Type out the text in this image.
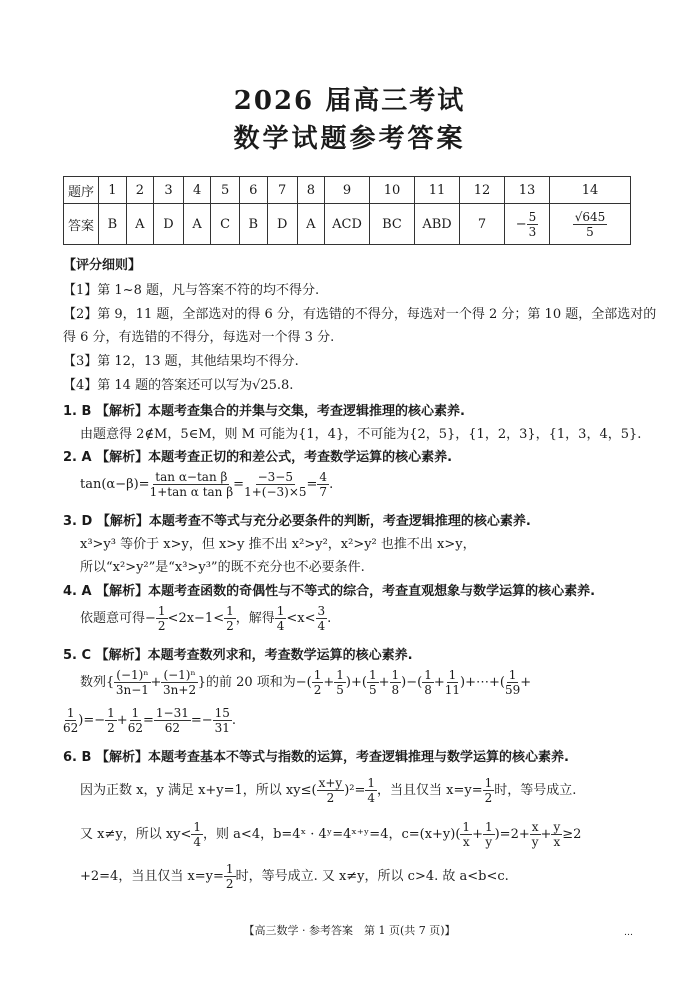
2026 届高三考试
数学试题参考答案
题序	1	2	3	4	5	6	7	8	9	10	11	12	13	14
答案	B	A	D	A	C	B	D	A	ACD	BC	ABD	7	− $\frac{5}{3}$	$\frac{√645}{5}$
【评分细则】
【1】第 1~8 题，凡与答案不符的均不得分.
【2】第 9，11 题，全部选对的得 6 分，有选错的不得分，每选对一个得 2 分；第 10 题，全部选对的
得 6 分，有选错的不得分，每选对一个得 3 分.
【3】第 12，13 题，其他结果均不得分.
【4】第 14 题的答案还可以写为√25.8.
1. B 【解析】本题考查集合的并集与交集，考查逻辑推理的核心素养.
由题意得 2∉M，5∈M，则 M 可能为{1，4}，不可能为{2，5}，{1，2，3}，{1，3，4，5}.
2. A 【解析】本题考查正切的和差公式，考查数学运算的核心素养.
$\tan(\alpha-\beta)= \frac{\text{tan α−tan β}}{\text{1+tan α tan β}} = \frac{-3-5}{1+(-3)\times 5} = \frac{4}{7}$ .
3. D 【解析】本题考查不等式与充分必要条件的判断，考查逻辑推理的核心素养.
x³>y³ 等价于 x>y，但 x>y 推不出 x²>y²，x²>y² 也推不出 x>y，
所以“x²>y²”是“x³>y³”的既不充分也不必要条件.
4. A 【解析】本题考查函数的奇偶性与不等式的综合，考查直观想象与数学运算的核心素养.
依题意可得− $\frac{1}{2} <2x-1< \frac{1}{2}$ ，解得 $\frac{1}{4} <x< \frac{3}{4}$ .
5. C 【解析】本题考查数列求和，考查数学运算的核心素养.
数列{ $\frac{\text{(−1)ⁿ}}{3n-1} + \frac{\text{(−1)ⁿ}}{3n+2}$ }的前 20 项和为−( $\frac{1}{2} + \frac{1}{5}$ )+( $\frac{1}{5} + \frac{1}{8}$ )−( $\frac{1}{8} + \frac{1}{11}$ )+⋯+( $\frac{1}{59}$ +
$\frac{1}{62}$ )=− $\frac{1}{2} + \frac{1}{62} = \frac{1-31}{62} =- \frac{15}{31}$ .
6. B 【解析】本题考查基本不等式与指数的运算，考查逻辑推理与数学运算的核心素养.
因为正数 x，y 满足 x+y=1，所以 $xy\le( \frac{x+y}{2} )^2= \frac{1}{4}$ ，当且仅当 $x=y= \frac{1}{2}$ 时，等号成立.
又 x≠y，所以 $xy< \frac{1}{4}$ ，则 a<4，b=4ˣ · 4ʸ=4ˣ⁺ʸ=4，$c=(x+y)( \frac{1}{x} + \frac{1}{y} )=2+ \frac{x}{y} + \frac{y}{x} \ge 2$
+2=4，当且仅当 $x=y= \frac{1}{2}$ 时，等号成立. 又 x≠y，所以 c>4. 故 a<b<c.
【高三数学 · 参考答案　第 1 页(共 7 页)】	…
